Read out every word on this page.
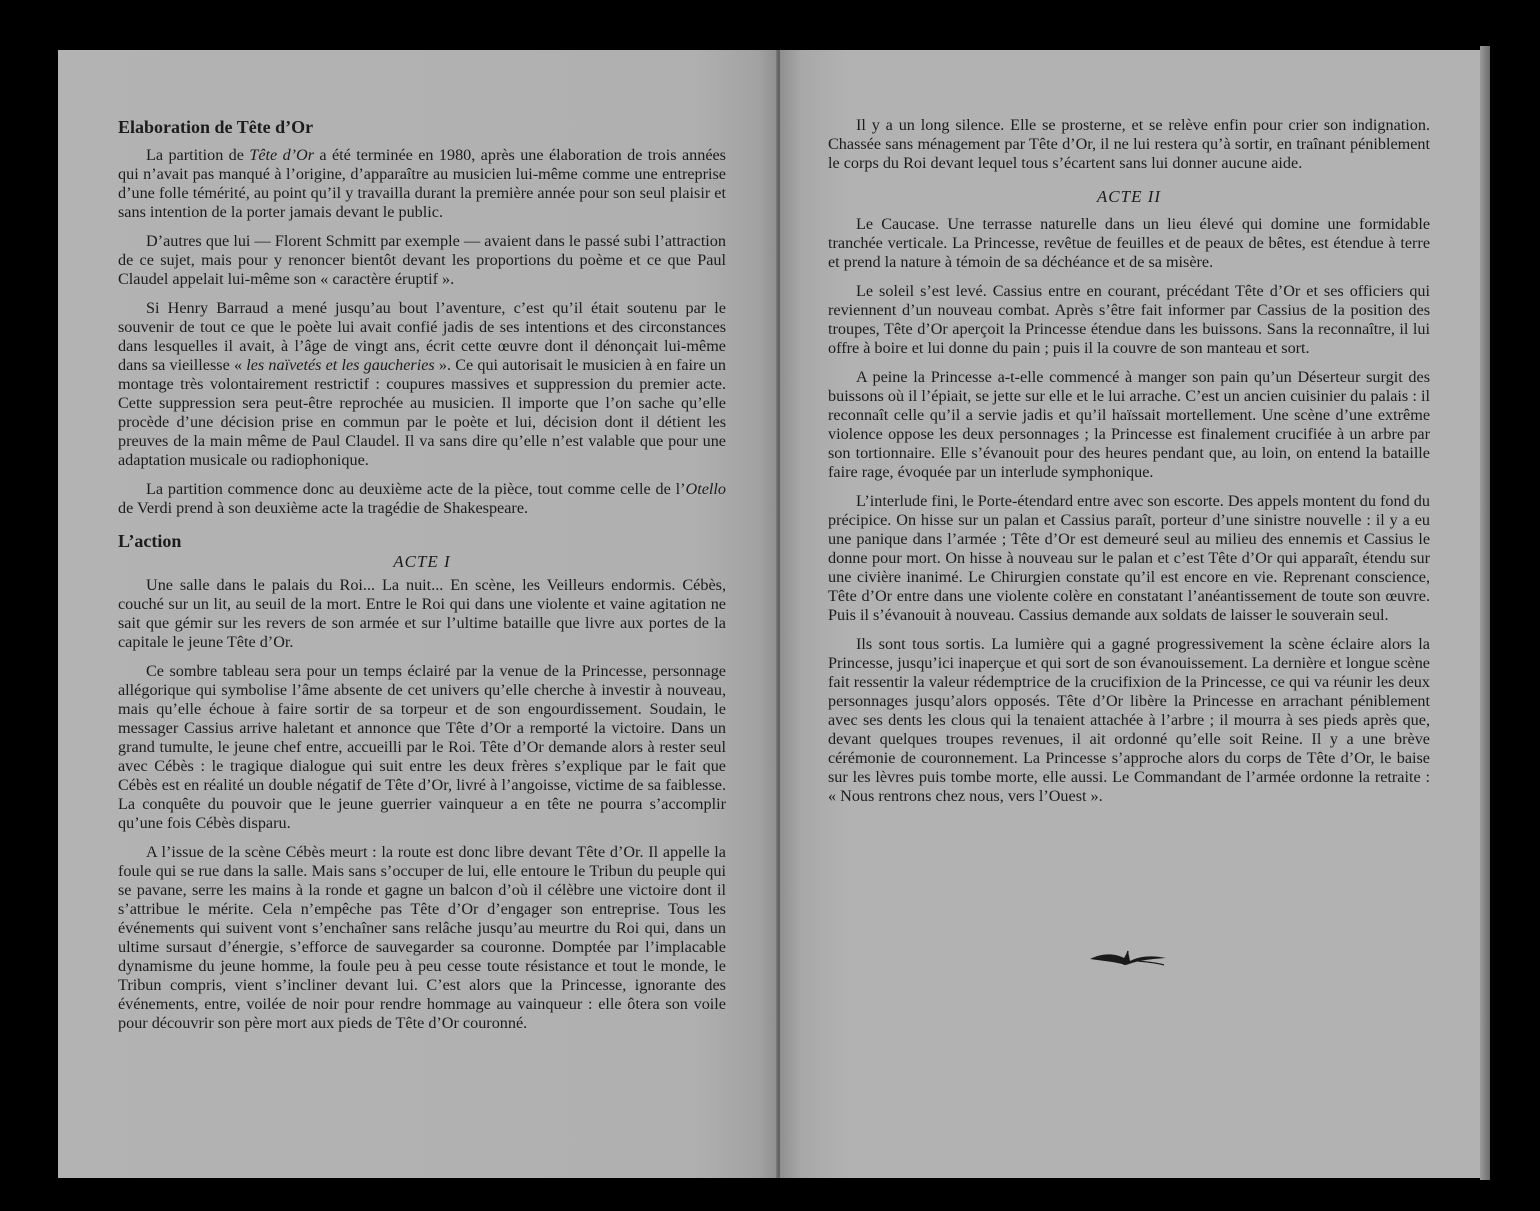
Elaboration de Tête d’Or

La partition de Tête d’Or a été terminée en 1980, après une élaboration de trois années qui n’avait pas manqué à l’origine, d’apparaître au musicien lui-même comme une entreprise d’une folle témérité, au point qu’il y travailla durant la première année pour son seul plaisir et sans intention de la porter jamais devant le public.

D’autres que lui — Florent Schmitt par exemple — avaient dans le passé subi l’attraction de ce sujet, mais pour y renoncer bientôt devant les proportions du poème et ce que Paul Claudel appelait lui-même son « caractère éruptif ».

Si Henry Barraud a mené jusqu’au bout l’aventure, c’est qu’il était soutenu par le souvenir de tout ce que le poète lui avait confié jadis de ses intentions et des circonstances dans lesquelles il avait, à l’âge de vingt ans, écrit cette œuvre dont il dénonçait lui-même dans sa vieillesse « les naïvetés et les gaucheries ». Ce qui autorisait le musicien à en faire un montage très volontairement restrictif : coupures massives et suppression du premier acte. Cette suppression sera peut-être reprochée au musicien. Il importe que l’on sache qu’elle procède d’une décision prise en commun par le poète et lui, décision dont il détient les preuves de la main même de Paul Claudel. Il va sans dire qu’elle n’est valable que pour une adaptation musicale ou radiophonique.

La partition commence donc au deuxième acte de la pièce, tout comme celle de l’Otello de Verdi prend à son deuxième acte la tragédie de Shakespeare.

L’action
ACTE I

Une salle dans le palais du Roi... La nuit... En scène, les Veilleurs endormis. Cébès, couché sur un lit, au seuil de la mort. Entre le Roi qui dans une violente et vaine agitation ne sait que gémir sur les revers de son armée et sur l’ultime bataille que livre aux portes de la capitale le jeune Tête d’Or.

Ce sombre tableau sera pour un temps éclairé par la venue de la Princesse, personnage allégorique qui symbolise l’âme absente de cet univers qu’elle cherche à investir à nouveau, mais qu’elle échoue à faire sortir de sa torpeur et de son engourdissement. Soudain, le messager Cassius arrive haletant et annonce que Tête d’Or a remporté la victoire. Dans un grand tumulte, le jeune chef entre, accueilli par le Roi. Tête d’Or demande alors à rester seul avec Cébès : le tragique dialogue qui suit entre les deux frères s’explique par le fait que Cébès est en réalité un double négatif de Tête d’Or, livré à l’angoisse, victime de sa faiblesse. La conquête du pouvoir que le jeune guerrier vainqueur a en tête ne pourra s’accomplir qu’une fois Cébès disparu.

A l’issue de la scène Cébès meurt : la route est donc libre devant Tête d’Or. Il appelle la foule qui se rue dans la salle. Mais sans s’occuper de lui, elle entoure le Tribun du peuple qui se pavane, serre les mains à la ronde et gagne un balcon d’où il célèbre une victoire dont il s’attribue le mérite. Cela n’empêche pas Tête d’Or d’engager son entreprise. Tous les événements qui suivent vont s’enchaîner sans relâche jusqu’au meurtre du Roi qui, dans un ultime sursaut d’énergie, s’efforce de sauvegarder sa couronne. Domptée par l’implacable dynamisme du jeune homme, la foule peu à peu cesse toute résistance et tout le monde, le Tribun compris, vient s’incliner devant lui. C’est alors que la Princesse, ignorante des événements, entre, voilée de noir pour rendre hommage au vainqueur : elle ôtera son voile pour découvrir son père mort aux pieds de Tête d’Or couronné.

Il y a un long silence. Elle se prosterne, et se relève enfin pour crier son indignation. Chassée sans ménagement par Tête d’Or, il ne lui restera qu’à sortir, en traînant péniblement le corps du Roi devant lequel tous s’écartent sans lui donner aucune aide.

ACTE II

Le Caucase. Une terrasse naturelle dans un lieu élevé qui domine une formidable tranchée verticale. La Princesse, revêtue de feuilles et de peaux de bêtes, est étendue à terre et prend la nature à témoin de sa déchéance et de sa misère.

Le soleil s’est levé. Cassius entre en courant, précédant Tête d’Or et ses officiers qui reviennent d’un nouveau combat. Après s’être fait informer par Cassius de la position des troupes, Tête d’Or aperçoit la Princesse étendue dans les buissons. Sans la reconnaître, il lui offre à boire et lui donne du pain ; puis il la couvre de son manteau et sort.

A peine la Princesse a-t-elle commencé à manger son pain qu’un Déserteur surgit des buissons où il l’épiait, se jette sur elle et le lui arrache. C’est un ancien cuisinier du palais : il reconnaît celle qu’il a servie jadis et qu’il haïssait mortellement. Une scène d’une extrême violence oppose les deux personnages ; la Princesse est finalement crucifiée à un arbre par son tortionnaire. Elle s’évanouit pour des heures pendant que, au loin, on entend la bataille faire rage, évoquée par un interlude symphonique.

L’interlude fini, le Porte-étendard entre avec son escorte. Des appels montent du fond du précipice. On hisse sur un palan et Cassius paraît, porteur d’une sinistre nouvelle : il y a eu une panique dans l’armée ; Tête d’Or est demeuré seul au milieu des ennemis et Cassius le donne pour mort. On hisse à nouveau sur le palan et c’est Tête d’Or qui apparaît, étendu sur une civière inanimé. Le Chirurgien constate qu’il est encore en vie. Reprenant conscience, Tête d’Or entre dans une violente colère en constatant l’anéantissement de toute son œuvre. Puis il s’évanouit à nouveau. Cassius demande aux soldats de laisser le souverain seul.

Ils sont tous sortis. La lumière qui a gagné progressivement la scène éclaire alors la Princesse, jusqu’ici inaperçue et qui sort de son évanouissement. La dernière et longue scène fait ressentir la valeur rédemptrice de la crucifixion de la Princesse, ce qui va réunir les deux personnages jusqu’alors opposés. Tête d’Or libère la Princesse en arrachant péniblement avec ses dents les clous qui la tenaient attachée à l’arbre ; il mourra à ses pieds après que, devant quelques troupes revenues, il ait ordonné qu’elle soit Reine. Il y a une brève cérémonie de couronnement. La Princesse s’approche alors du corps de Tête d’Or, le baise sur les lèvres puis tombe morte, elle aussi. Le Commandant de l’armée ordonne la retraite : « Nous rentrons chez nous, vers l’Ouest ».
